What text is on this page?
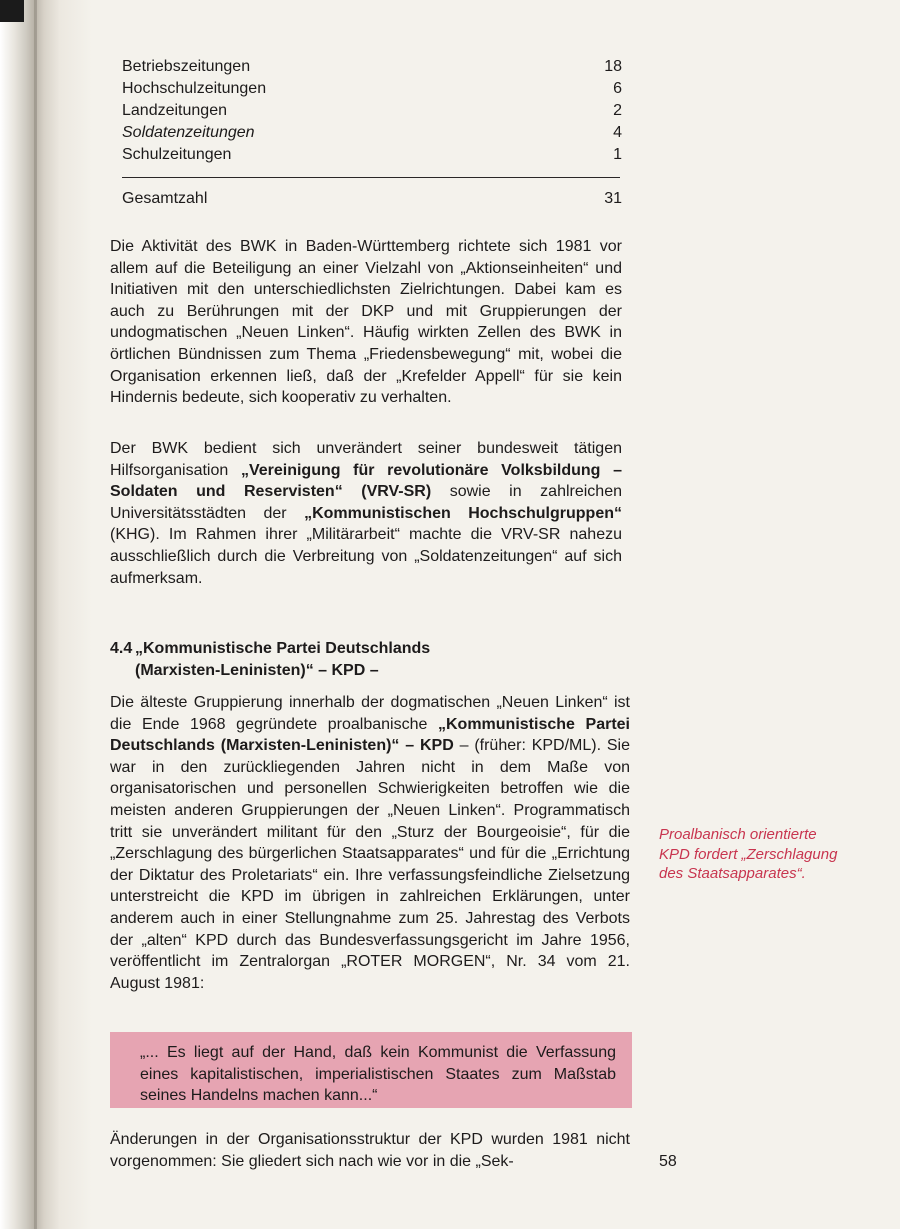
Betriebszeitungen	18
Hochschulzeitungen	6
Landzeitungen	2
Soldatenzeitungen	4
Schulzeitungen	1
Gesamtzahl	31

Die Aktivität des BWK in Baden-Württemberg richtete sich 1981 vor allem auf die Beteiligung an einer Vielzahl von „Aktionseinheiten“ und Initiativen mit den unterschiedlichsten Zielrichtungen. Dabei kam es auch zu Berührungen mit der DKP und mit Gruppierungen der undogmatischen „Neuen Linken“. Häufig wirkten Zellen des BWK in örtlichen Bündnissen zum Thema „Friedensbewegung“ mit, wobei die Organisation erkennen ließ, daß der „Krefelder Appell“ für sie kein Hindernis bedeute, sich kooperativ zu verhalten.

Der BWK bedient sich unverändert seiner bundesweit tätigen Hilfsorganisation „Vereinigung für revolutionäre Volksbildung – Soldaten und Reservisten“ (VRV-SR) sowie in zahlreichen Universitätsstädten der „Kommunistischen Hochschulgruppen“ (KHG). Im Rahmen ihrer „Militärarbeit“ machte die VRV-SR nahezu ausschließlich durch die Verbreitung von „Soldatenzeitungen“ auf sich aufmerksam.

4.4 „Kommunistische Partei Deutschlands
(Marxisten-Leninisten)“ – KPD –

Die älteste Gruppierung innerhalb der dogmatischen „Neuen Linken“ ist die Ende 1968 gegründete proalbanische „Kommunistische Partei Deutschlands (Marxisten-Leninisten)“ – KPD – (früher: KPD/ML). Sie war in den zurückliegenden Jahren nicht in dem Maße von organisatorischen und personellen Schwierigkeiten betroffen wie die meisten anderen Gruppierungen der „Neuen Linken“. Programmatisch tritt sie unverändert militant für den „Sturz der Bourgeoisie“, für die „Zerschlagung des bürgerlichen Staatsapparates“ und für die „Errichtung der Diktatur des Proletariats“ ein. Ihre verfassungsfeindliche Zielsetzung unterstreicht die KPD im übrigen in zahlreichen Erklärungen, unter anderem auch in einer Stellungnahme zum 25. Jahrestag des Verbots der „alten“ KPD durch das Bundesverfassungsgericht im Jahre 1956, veröffentlicht im Zentralorgan „ROTER MORGEN“, Nr. 34 vom 21. August 1981:

Proalbanisch orientierte KPD fordert „Zerschlagung des Staatsapparates“.

„... Es liegt auf der Hand, daß kein Kommunist die Verfassung eines kapitalistischen, imperialistischen Staates zum Maßstab seines Handelns machen kann...“

Änderungen in der Organisationsstruktur der KPD wurden 1981 nicht vorgenommen: Sie gliedert sich nach wie vor in die „Sek-	58
